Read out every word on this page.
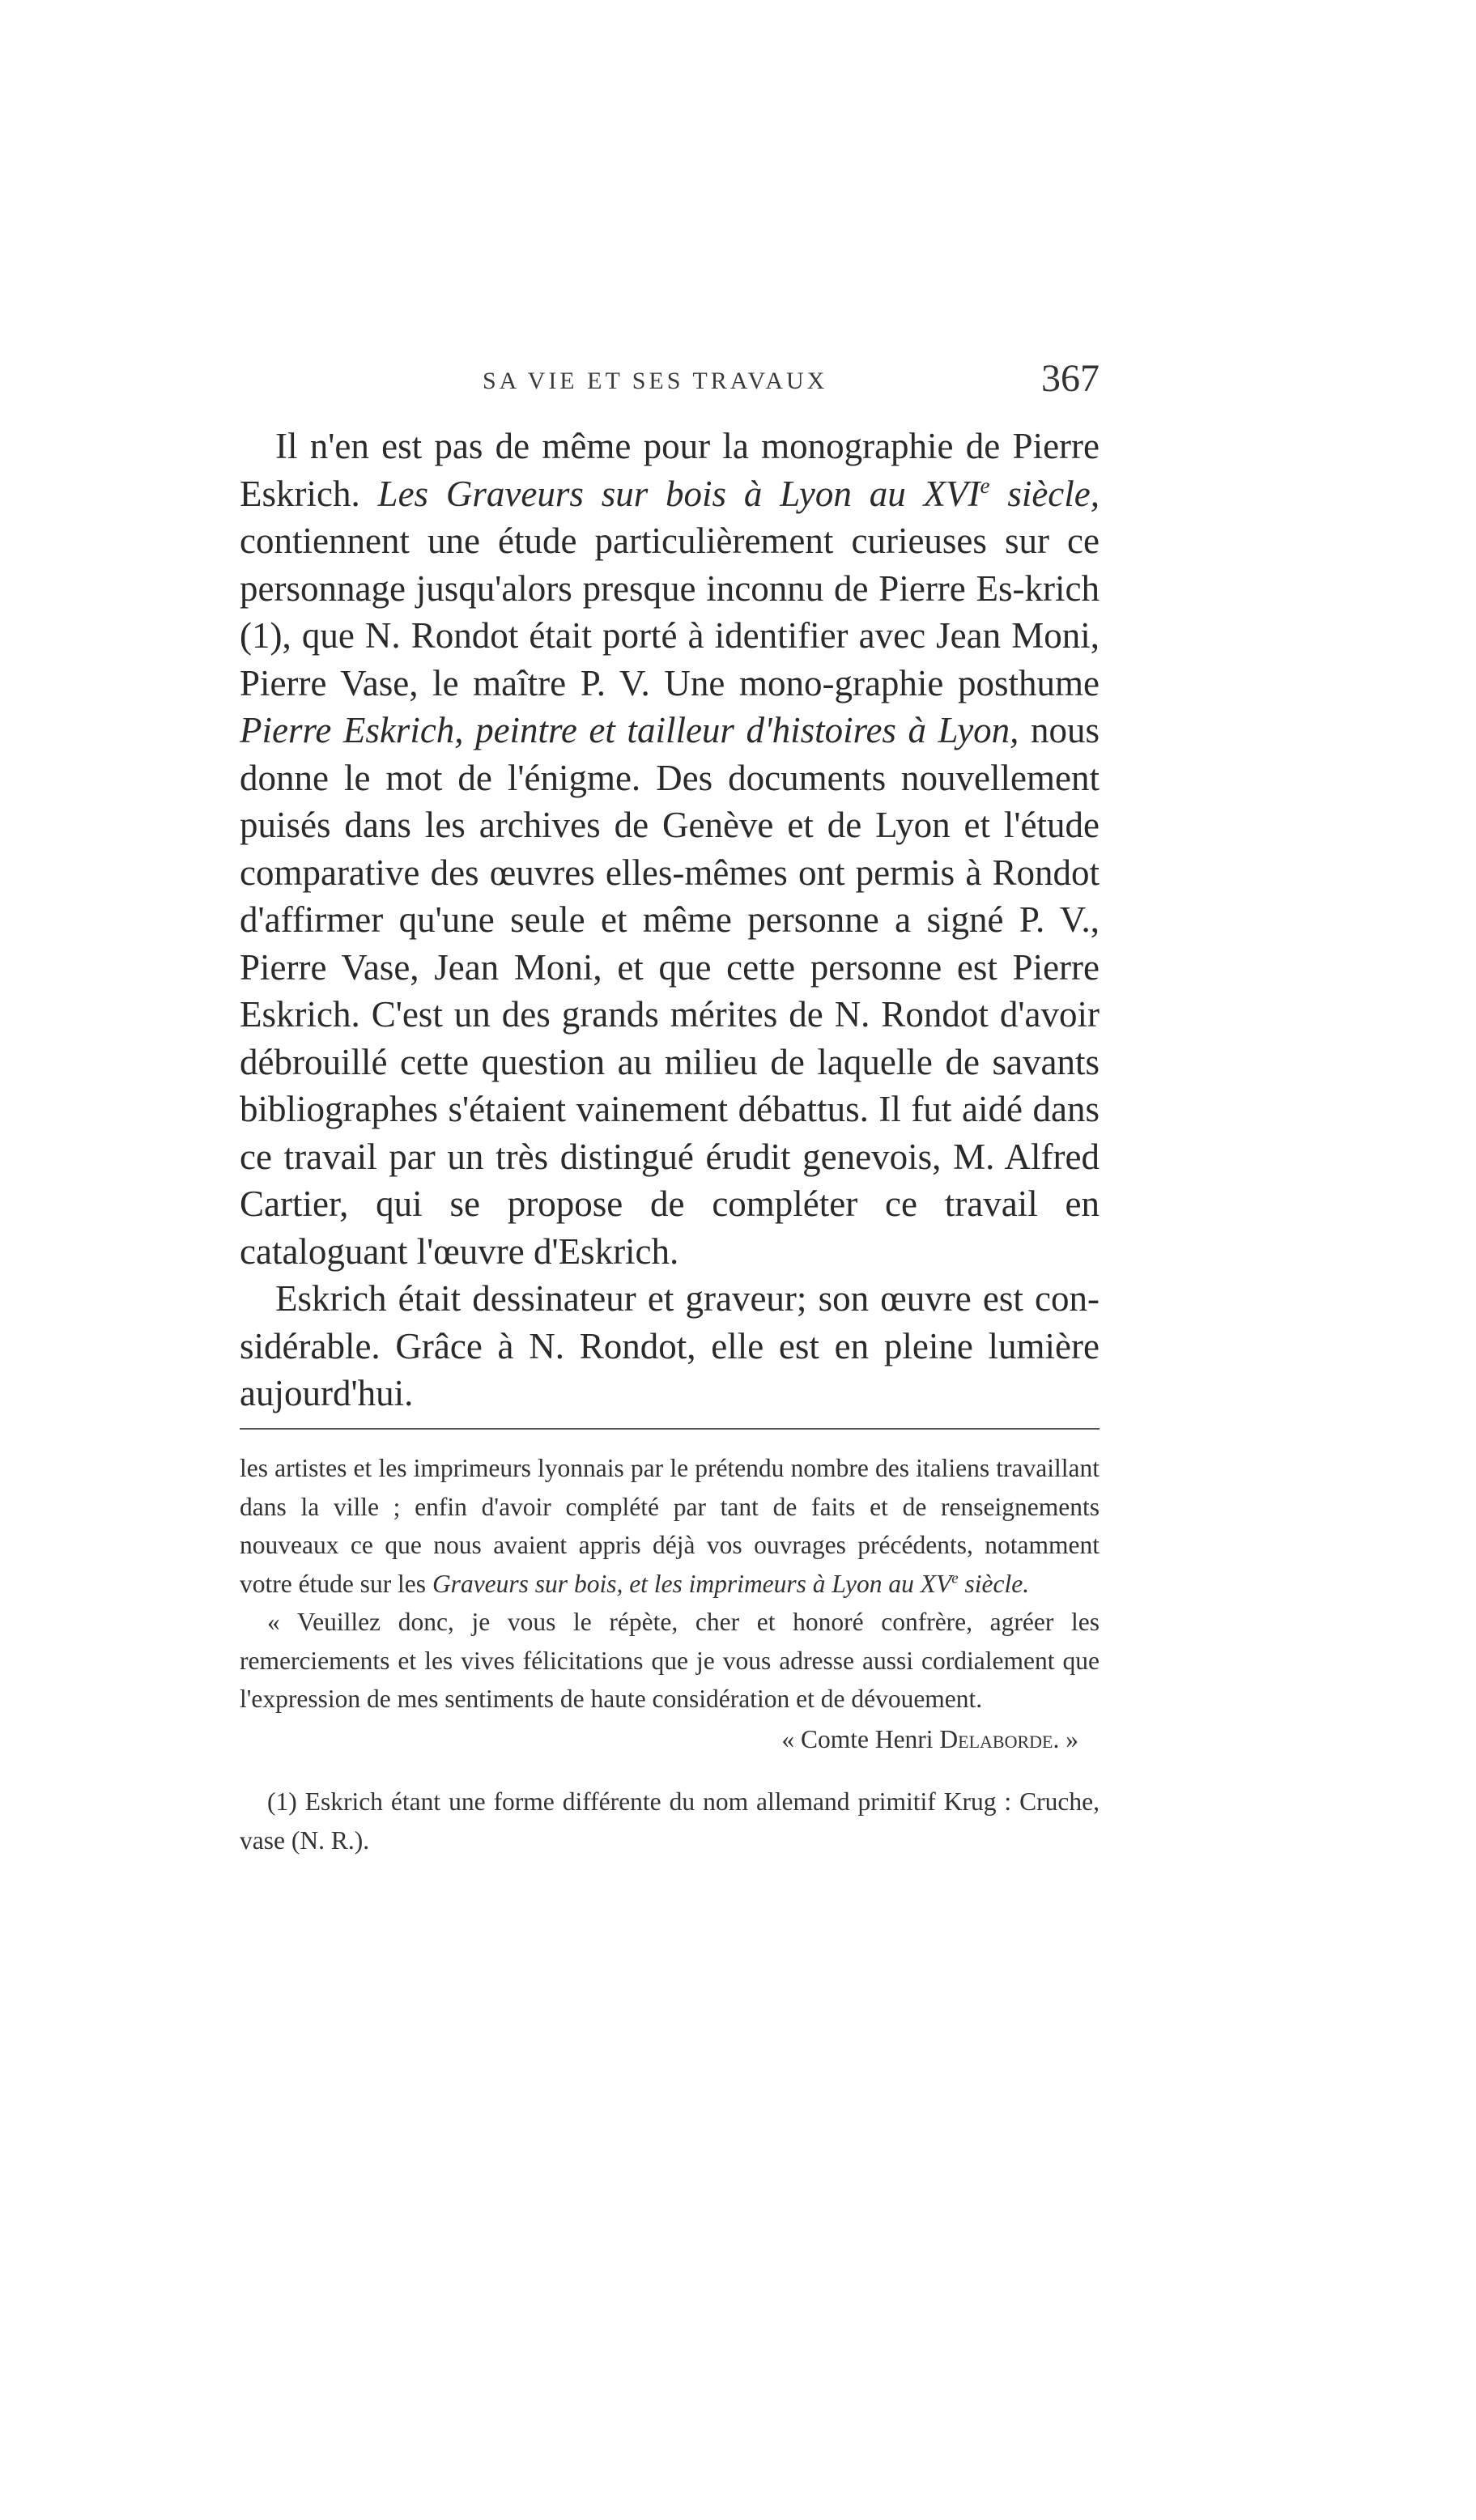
SA VIE ET SES TRAVAUX	367

Il n'en est pas de même pour la monographie de Pierre Eskrich. Les Graveurs sur bois à Lyon au XVIe siècle, contiennent une étude particulièrement curieuses sur ce personnage jusqu'alors presque inconnu de Pierre Es-krich (1), que N. Rondot était porté à identifier avec Jean Moni, Pierre Vase, le maître P. V. Une mono-graphie posthume Pierre Eskrich, peintre et tailleur d'histoires à Lyon, nous donne le mot de l'énigme. Des documents nouvellement puisés dans les archives de Genève et de Lyon et l'étude comparative des œuvres elles-mêmes ont permis à Rondot d'affirmer qu'une seule et même personne a signé P. V., Pierre Vase, Jean Moni, et que cette personne est Pierre Eskrich. C'est un des grands mérites de N. Rondot d'avoir débrouillé cette question au milieu de laquelle de savants bibliographes s'étaient vainement débattus. Il fut aidé dans ce travail par un très distingué érudit genevois, M. Alfred Cartier, qui se propose de compléter ce travail en cataloguant l'œuvre d'Eskrich.

Eskrich était dessinateur et graveur; son œuvre est con-sidérable. Grâce à N. Rondot, elle est en pleine lumière aujourd'hui.

les artistes et les imprimeurs lyonnais par le prétendu nombre des italiens travaillant dans la ville ; enfin d'avoir complété par tant de faits et de renseignements nouveaux ce que nous avaient appris déjà vos ouvrages précédents, notamment votre étude sur les Graveurs sur bois, et les imprimeurs à Lyon au XVe siècle.

« Veuillez donc, je vous le répète, cher et honoré confrère, agréer les remerciements et les vives félicitations que je vous adresse aussi cordialement que l'expression de mes sentiments de haute considération et de dévouement.

« Comte Henri Delaborde. »

(1) Eskrich étant une forme différente du nom allemand primitif Krug : Cruche, vase (N. R.).
